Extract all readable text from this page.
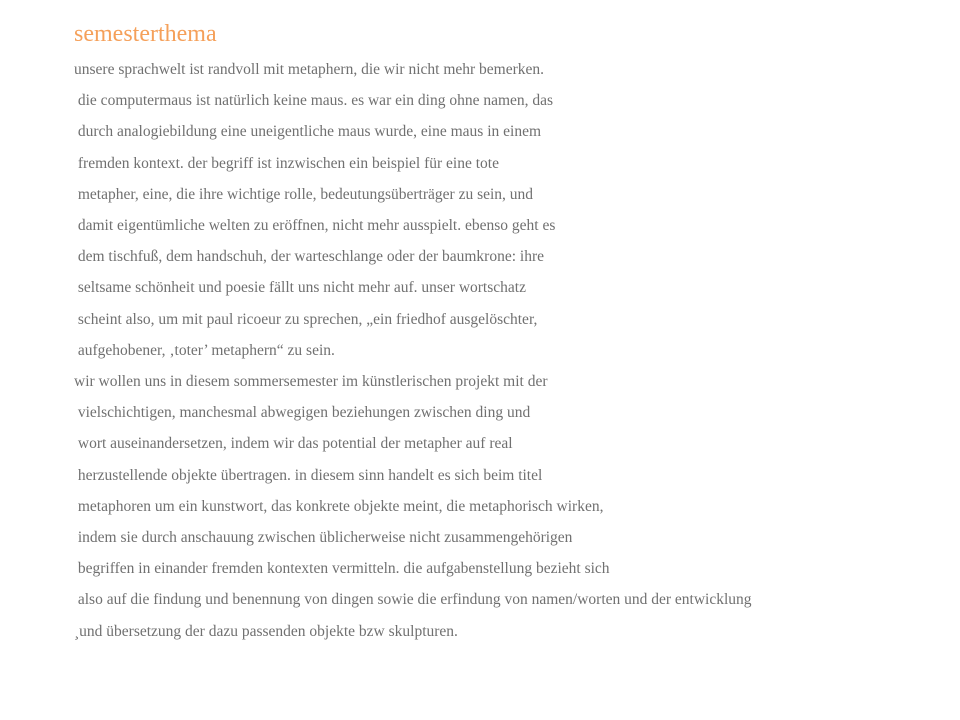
semesterthema
unsere sprachwelt ist randvoll mit metaphern, die wir nicht mehr bemerken.
die computermaus ist natürlich keine maus. es war ein ding ohne namen, das
durch analogiebildung eine uneigentliche maus wurde, eine maus in einem
fremden kontext. der begriff ist inzwischen ein beispiel für eine tote
metapher, eine, die ihre wichtige rolle, bedeutungsüberträger zu sein, und
damit eigentümliche welten zu eröffnen, nicht mehr ausspielt. ebenso geht es
dem tischfuß, dem handschuh, der warteschlange oder der baumkrone: ihre
seltsame schönheit und poesie fällt uns nicht mehr auf. unser wortschatz
scheint also, um mit paul ricoeur zu sprechen, „ein friedhof ausgelöschter,
aufgehobener, ‚toter’ metaphern“ zu sein.
wir wollen uns in diesem sommersemester im künstlerischen projekt mit der
vielschichtigen, manchesmal abwegigen beziehungen zwischen ding und
wort auseinandersetzen, indem wir das potential der metapher auf real
herzustellende objekte übertragen. in diesem sinn handelt es sich beim titel
metaphoren um ein kunstwort, das konkrete objekte meint, die metaphorisch wirken,
indem sie durch anschauung zwischen üblicherweise nicht zusammengehörigen
begriffen in einander fremden kontexten vermitteln. die aufgabenstellung bezieht sich
also auf die findung und benennung von dingen sowie die erfindung von namen/worten und der entwicklung
¸und übersetzung der dazu passenden objekte bzw skulpturen.
